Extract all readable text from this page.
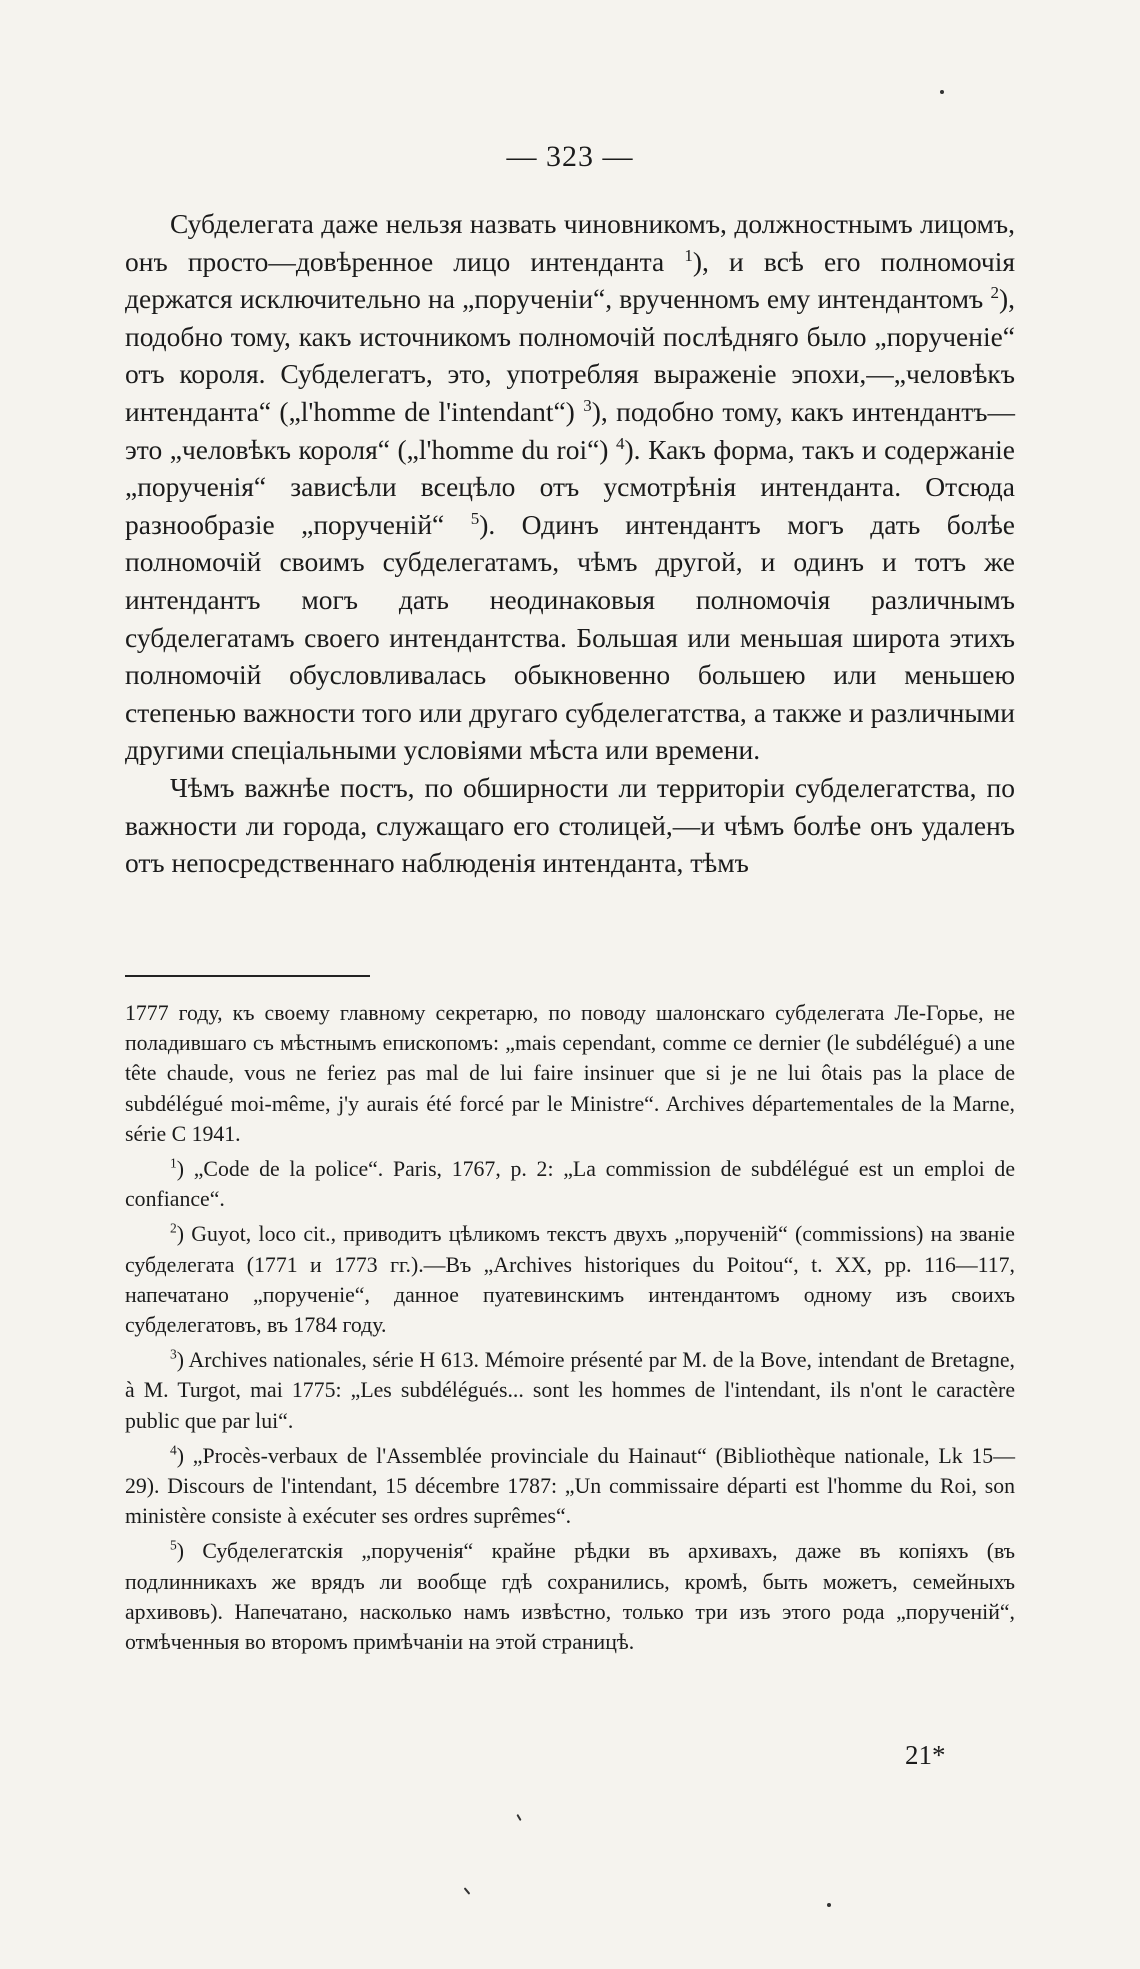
— 323 —

Субделегата даже нельзя назвать чиновникомъ, должностнымъ лицомъ, онъ просто—довѣренное лицо интенданта $^1$), и всѣ его полномочія держатся исключительно на „порученіи“, врученномъ ему интендантомъ $^2$), подобно тому, какъ источникомъ полномочій послѣдняго было „порученіе“ отъ короля. Субделегатъ, это, употребляя выраженіе эпохи,—„человѣкъ интенданта“ („l'homme de l'intendant“) $^3$), подобно тому, какъ интендантъ—это „человѣкъ короля“ („l'homme du roi“) $^4$). Какъ форма, такъ и содержаніе „порученія“ зависѣли всецѣло отъ усмотрѣнія интенданта. Отсюда разнообразіе „порученій“ $^5$). Одинъ интендантъ могъ дать болѣе полномочій своимъ субделегатамъ, чѣмъ другой, и одинъ и тотъ же интендантъ могъ дать неодинаковыя полномочія различнымъ субделегатамъ своего интендантства. Большая или меньшая широта этихъ полномочій обусловливалась обыкновенно большею или меньшею степенью важности того или другаго субделегатства, а также и различными другими спеціальными условіями мѣста или времени.

Чѣмъ важнѣе постъ, по обширности ли территоріи субделегатства, по важности ли города, служащаго его столицей,—и чѣмъ болѣе онъ удаленъ отъ непосредственнаго наблюденія интенданта, тѣмъ

1777 году, къ своему главному секретарю, по поводу шалонскаго субделегата Ле-Горье, не поладившаго съ мѣстнымъ епископомъ: „mais cependant, comme ce dernier (le subdélégué) a une tête chaude, vous ne feriez pas mal de lui faire insinuer que si je ne lui ôtais pas la place de subdélégué moi-même, j'y aurais été forcé par le Ministre“. Archives départementales de la Marne, série C 1941.

$^1$) „Code de la police“. Paris, 1767, p. 2: „La commission de subdélégué est un emploi de confiance“.

$^2$) Guyot, loco cit., приводитъ цѣликомъ текстъ двухъ „порученій“ (commissions) на званіе субделегата (1771 и 1773 гг.).—Въ „Archives historiques du Poitou“, t. XX, pp. 116—117, напечатано „порученіе“, данное пуатевинскимъ интендантомъ одному изъ своихъ субделегатовъ, въ 1784 году.

$^3$) Archives nationales, série H 613. Mémoire présenté par M. de la Bove, intendant de Bretagne, à M. Turgot, mai 1775: „Les subdélégués... sont les hommes de l'intendant, ils n'ont le caractère public que par lui“.

$^4$) „Procès-verbaux de l'Assemblée provinciale du Hainaut“ (Bibliothèque nationale, Lk 15—29). Discours de l'intendant, 15 décembre 1787: „Un commissaire départi est l'homme du Roi, son ministère consiste à exécuter ses ordres suprêmes“.

$^5$) Субделегатскія „порученія“ крайне рѣдки въ архивахъ, даже въ копіяхъ (въ подлинникахъ же врядъ ли вообще гдѣ сохранились, кромѣ, быть можетъ, семейныхъ архивовъ). Напечатано, насколько намъ извѣстно, только три изъ этого рода „порученій“, отмѣченныя во второмъ примѣчаніи на этой страницѣ.

21*
